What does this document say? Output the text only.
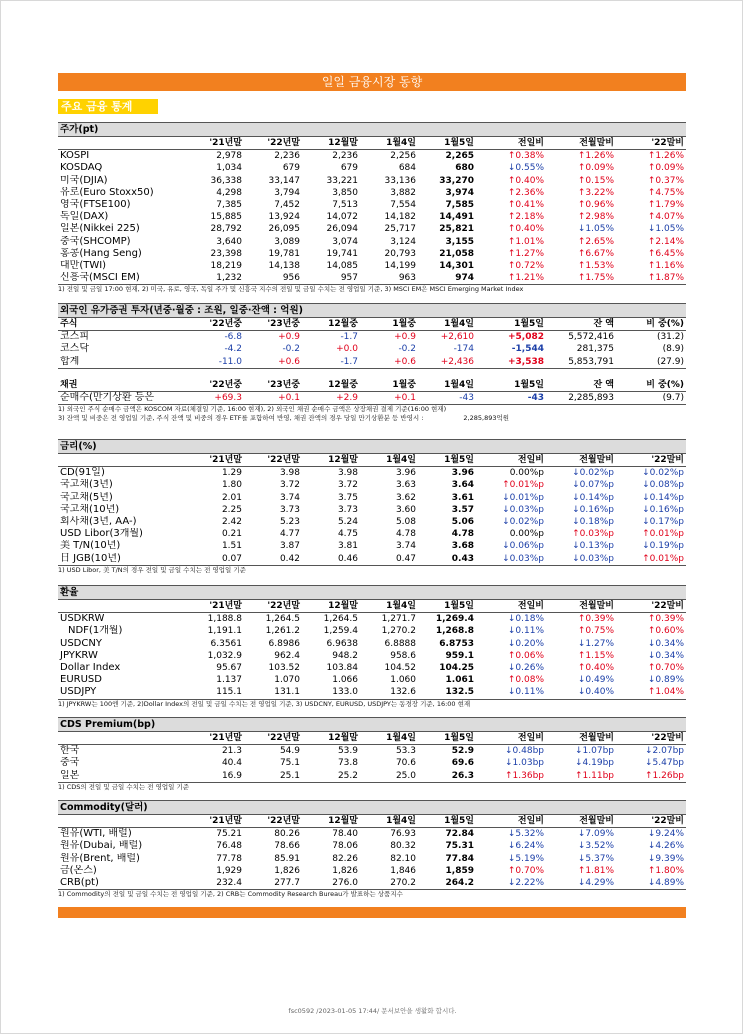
일일 금융시장 동향
주요 금융 통계
주가(pt)
	'21년말	'22년말	12월말	1월4일	1월5일	전일비	전월말비	'22말비
KOSPI	2,978	2,236	2,236	2,256	2,265	↑0.38%	↑1.26%	↑1.26%
KOSDAQ	1,034	679	679	684	680	↓0.55%	↑0.09%	↑0.09%
미국(DJIA)	36,338	33,147	33,221	33,136	33,270	↑0.40%	↑0.15%	↑0.37%
유로(Euro Stoxx50)	4,298	3,794	3,850	3,882	3,974	↑2.36%	↑3.22%	↑4.75%
영국(FTSE100)	7,385	7,452	7,513	7,554	7,585	↑0.41%	↑0.96%	↑1.79%
독일(DAX)	15,885	13,924	14,072	14,182	14,491	↑2.18%	↑2.98%	↑4.07%
일본(Nikkei 225)	28,792	26,095	26,094	25,717	25,821	↑0.40%	↓1.05%	↓1.05%
중국(SHCOMP)	3,640	3,089	3,074	3,124	3,155	↑1.01%	↑2.65%	↑2.14%
홍콩(Hang Seng)	23,398	19,781	19,741	20,793	21,058	↑1.27%	↑6.67%	↑6.45%
대만(TWI)	18,219	14,138	14,085	14,199	14,301	↑0.72%	↑1.53%	↑1.16%
신흥국(MSCI EM)	1,232	956	957	963	974	↑1.21%	↑1.75%	↑1.87%
1) 전일 및 금일 17:00 현재, 2) 미국, 유로, 영국, 독일 주가 및 신흥국 지수의 전일 및 금일 수치는 전 영업일 기준, 3) MSCI EM은 MSCI Emerging Market Index
외국인 유가증권 투자(년중·월중 : 조원, 일중·잔액 : 억원)
주식	'22년중	'23년중	12월중	1월중	1월4일	1월5일	잔 액	비 중(%)
코스피	-6.8	+0.9	-1.7	+0.9	+2,610	+5,082	5,572,416	(31.2)
코스닥	-4.2	-0.2	+0.0	-0.2	-174	-1,544	281,375	(8.9)
합계	-11.0	+0.6	-1.7	+0.6	+2,436	+3,538	5,853,791	(27.9)
채권	'22년중	'23년중	12월중	1월중	1월4일	1월5일	잔 액	비 중(%)
순매수(만기상환 등은	+69.3	+0.1	+2.9	+0.1	-43	-43	2,285,893	(9.7)
1) 외국인 주식 순매수 금액은 KOSCOM 자료(체결일 기준, 16:00 현재), 2) 외국인 채권 순매수 금액은 상장채권 결제 기준(16:00 현재)
3) 잔액 및 비중은 전 영업일 기준, 주식 잔액 및 비중의 경우 ETF를 포함하여 반영, 채권 잔액의 경우 당일 만기상환분 등 반영시 :	2,285,893억원
금리(%)
	'21년말	'22년말	12월말	1월4일	1월5일	전일비	전월말비	'22말비
CD(91일)	1.29	3.98	3.98	3.96	3.96	0.00%p	↓0.02%p	↓0.02%p
국고채(3년)	1.80	3.72	3.72	3.63	3.64	↑0.01%p	↓0.07%p	↓0.08%p
국고채(5년)	2.01	3.74	3.75	3.62	3.61	↓0.01%p	↓0.14%p	↓0.14%p
국고채(10년)	2.25	3.73	3.73	3.60	3.57	↓0.03%p	↓0.16%p	↓0.16%p
회사채(3년, AA-)	2.42	5.23	5.24	5.08	5.06	↓0.02%p	↓0.18%p	↓0.17%p
USD Libor(3개월)	0.21	4.77	4.75	4.78	4.78	0.00%p	↑0.03%p	↑0.01%p
美 T/N(10년)	1.51	3.87	3.81	3.74	3.68	↓0.06%p	↓0.13%p	↓0.19%p
日 JGB(10년)	0.07	0.42	0.46	0.47	0.43	↓0.03%p	↓0.03%p	↑0.01%p
1) USD Libor, 美 T/N의 경우 전일 및 금일 수치는 전 영업일 기준
환율
	'21년말	'22년말	12월말	1월4일	1월5일	전일비	전월말비	'22말비
USDKRW	1,188.8	1,264.5	1,264.5	1,271.7	1,269.4	↓0.18%	↑0.39%	↑0.39%
NDF(1개월)	1,191.1	1,261.2	1,259.4	1,270.2	1,268.8	↓0.11%	↑0.75%	↑0.60%
USDCNY	6.3561	6.8986	6.9638	6.8888	6.8753	↓0.20%	↓1.27%	↓0.34%
JPYKRW	1,032.9	962.4	948.2	958.6	959.1	↑0.06%	↑1.15%	↓0.34%
Dollar Index	95.67	103.52	103.84	104.52	104.25	↓0.26%	↑0.40%	↑0.70%
EURUSD	1.137	1.070	1.066	1.060	1.061	↑0.08%	↓0.49%	↓0.89%
USDJPY	115.1	131.1	133.0	132.6	132.5	↓0.11%	↓0.40%	↑1.04%
1) JPYKRW는 100엔 기준, 2)Dollar Index의 전일 및 금일 수치는 전 영업일 기준, 3) USDCNY, EURUSD, USDJPY는 동경장 기준, 16:00 현재
CDS Premium(bp)
	'21년말	'22년말	12월말	1월4일	1월5일	전일비	전월말비	'22말비
한국	21.3	54.9	53.9	53.3	52.9	↓0.48bp	↓1.07bp	↓2.07bp
중국	40.4	75.1	73.8	70.6	69.6	↓1.03bp	↓4.19bp	↓5.47bp
일본	16.9	25.1	25.2	25.0	26.3	↑1.36bp	↑1.11bp	↑1.26bp
1) CDS의 전일 및 금일 수치는 전 영업일 기준
Commodity(달러)
	'21년말	'22년말	12월말	1월4일	1월5일	전일비	전월말비	'22말비
원유(WTI, 배럴)	75.21	80.26	78.40	76.93	72.84	↓5.32%	↓7.09%	↓9.24%
원유(Dubai, 배럴)	76.48	78.66	78.06	80.32	75.31	↓6.24%	↓3.52%	↓4.26%
원유(Brent, 배럴)	77.78	85.91	82.26	82.10	77.84	↓5.19%	↓5.37%	↓9.39%
금(온스)	1,929	1,826	1,826	1,846	1,859	↑0.70%	↑1.81%	↑1.80%
CRB(pt)	232.4	277.7	276.0	270.2	264.2	↓2.22%	↓4.29%	↓4.89%
1) Commodity의 전일 및 금일 수치는 전 영업일 기준, 2) CRB는 Commodity Research Bureau가 발표하는 상품지수
fsc0592 /2023-01-05 17:44/ 문서보안을 생활화 합시다.
